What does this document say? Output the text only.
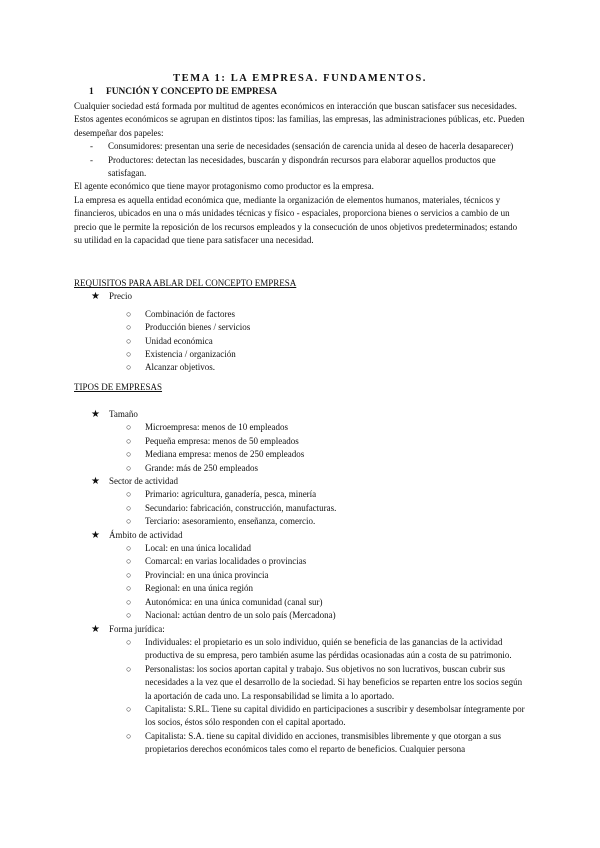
TEMA 1: LA EMPRESA. FUNDAMENTOS.
1 FUNCIÓN Y CONCEPTO DE EMPRESA

Cualquier sociedad está formada por multitud de agentes económicos en interacción que buscan satisfacer sus necesidades. Estos agentes económicos se agrupan en distintos tipos: las familias, las empresas, las administraciones públicas, etc. Pueden desempeñar dos papeles:

- Consumidores: presentan una serie de necesidades (sensación de carencia unida al deseo de hacerla desaparecer)
- Productores: detectan las necesidades, buscarán y dispondrán recursos para elaborar aquellos productos que satisfagan.

El agente económico que tiene mayor protagonismo como productor es la empresa.

La empresa es aquella entidad económica que, mediante la organización de elementos humanos, materiales, técnicos y financieros, ubicados en una o más unidades técnicas y físico - espaciales, proporciona bienes o servicios a cambio de un precio que le permite la reposición de los recursos empleados y la consecución de unos objetivos predeterminados; estando su utilidad en la capacidad que tiene para satisfacer una necesidad.

REQUISITOS PARA ABLAR DEL CONCEPTO EMPRESA

★ Precio
○ Combinación de factores
○ Producción bienes / servicios
○ Unidad económica
○ Existencia / organización
○ Alcanzar objetivos.

TIPOS DE EMPRESAS

★ Tamaño
○ Microempresa: menos de 10 empleados
○ Pequeña empresa: menos de 50 empleados
○ Mediana empresa: menos de 250 empleados
○ Grande: más de 250 empleados
★ Sector de actividad
○ Primario: agricultura, ganadería, pesca, minería
○ Secundario: fabricación, construcción, manufacturas.
○ Terciario: asesoramiento, enseñanza, comercio.
★ Ámbito de actividad
○ Local: en una única localidad
○ Comarcal: en varias localidades o provincias
○ Provincial: en una única provincia
○ Regional: en una única región
○ Autonómica: en una única comunidad (canal sur)
○ Nacional: actúan dentro de un solo país (Mercadona)
★ Forma jurídica:
○ Individuales: el propietario es un solo individuo, quién se beneficia de las ganancias de la actividad productiva de su empresa, pero también asume las pérdidas ocasionadas aún a costa de su patrimonio.
○ Personalistas: los socios aportan capital y trabajo. Sus objetivos no son lucrativos, buscan cubrir sus necesidades a la vez que el desarrollo de la sociedad. Si hay beneficios se reparten entre los socios según la aportación de cada uno. La responsabilidad se limita a lo aportado.
○ Capitalista: S.RL. Tiene su capital dividido en participaciones a suscribir y desembolsar íntegramente por los socios, éstos sólo responden con el capital aportado.
○ Capitalista: S.A. tiene su capital dividido en acciones, transmisibles libremente y que otorgan a sus propietarios derechos económicos tales como el reparto de beneficios. Cualquier persona
